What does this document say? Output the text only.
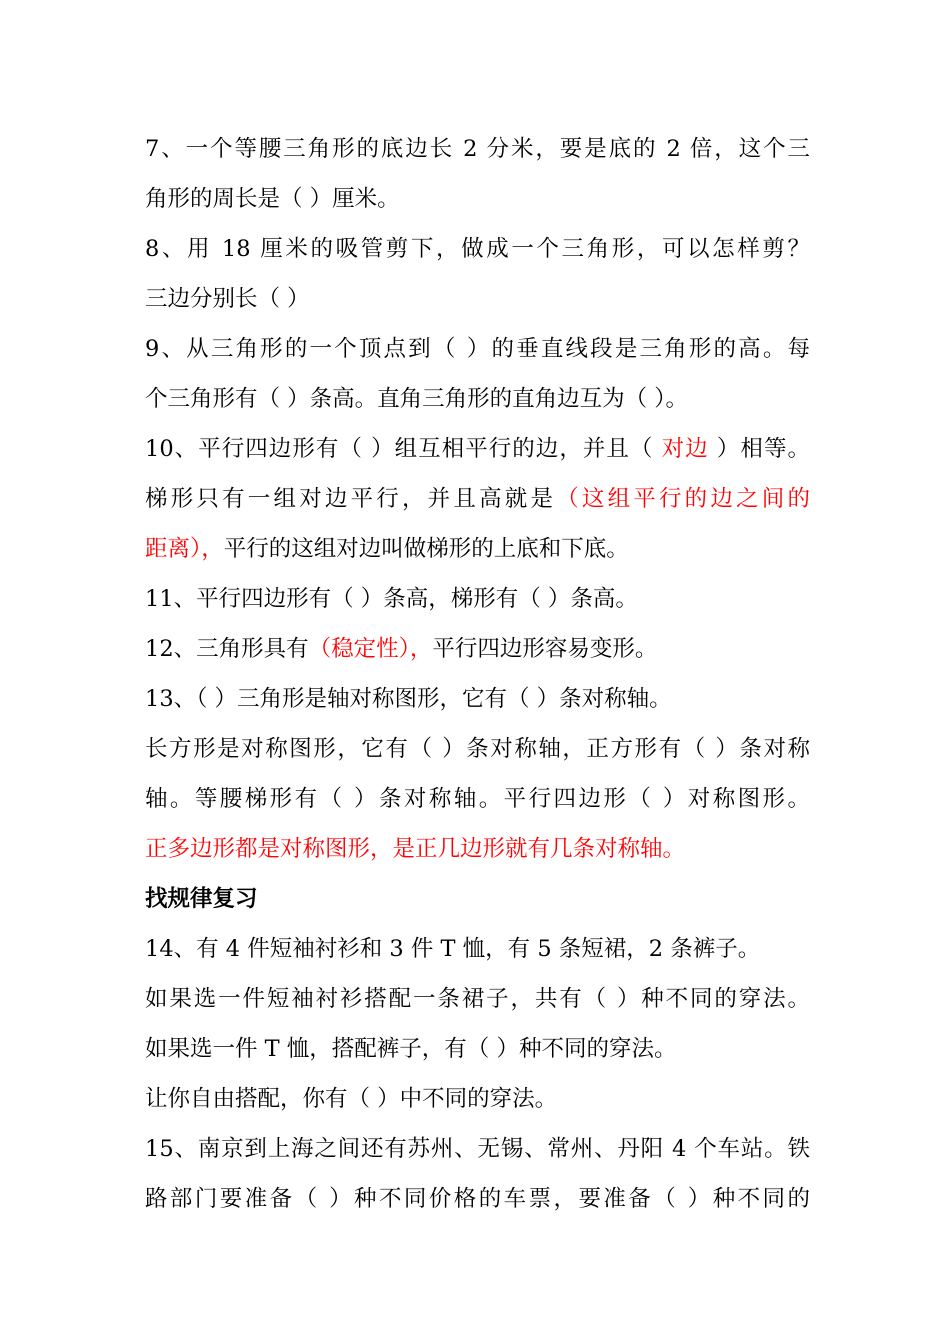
7、一个等腰三角形的底边长 2 分米，要是底的 2 倍，这个三
角形的周长是（ ）厘米。
8、用 18 厘米的吸管剪下，做成一个三角形，可以怎样剪？
三边分别长（ ）
9、从三角形的一个顶点到（ ）的垂直线段是三角形的高。每
个三角形有（ ）条高。直角三角形的直角边互为（ ）。
10、平行四边形有（ ）组互相平行的边，并且（ 对边 ）相等。
梯形只有一组对边平行，并且高就是（这组平行的边之间的
距离），平行的这组对边叫做梯形的上底和下底。
11、平行四边形有（ ）条高，梯形有（ ）条高。
12、三角形具有（稳定性），平行四边形容易变形。
13、（ ）三角形是轴对称图形，它有（ ）条对称轴。
长方形是对称图形，它有（ ）条对称轴，正方形有（ ）条对称
轴。等腰梯形有（ ）条对称轴。平行四边形（ ）对称图形。
正多边形都是对称图形，是正几边形就有几条对称轴。
找规律复习
14、有 4 件短袖衬衫和 3 件 T 恤，有 5 条短裙，2 条裤子。
如果选一件短袖衬衫搭配一条裙子，共有（ ）种不同的穿法。
如果选一件 T 恤，搭配裤子，有（ ）种不同的穿法。
让你自由搭配，你有（ ）中不同的穿法。
15、南京到上海之间还有苏州、无锡、常州、丹阳 4 个车站。铁
路部门要准备（ ）种不同价格的车票，要准备（ ）种不同的
